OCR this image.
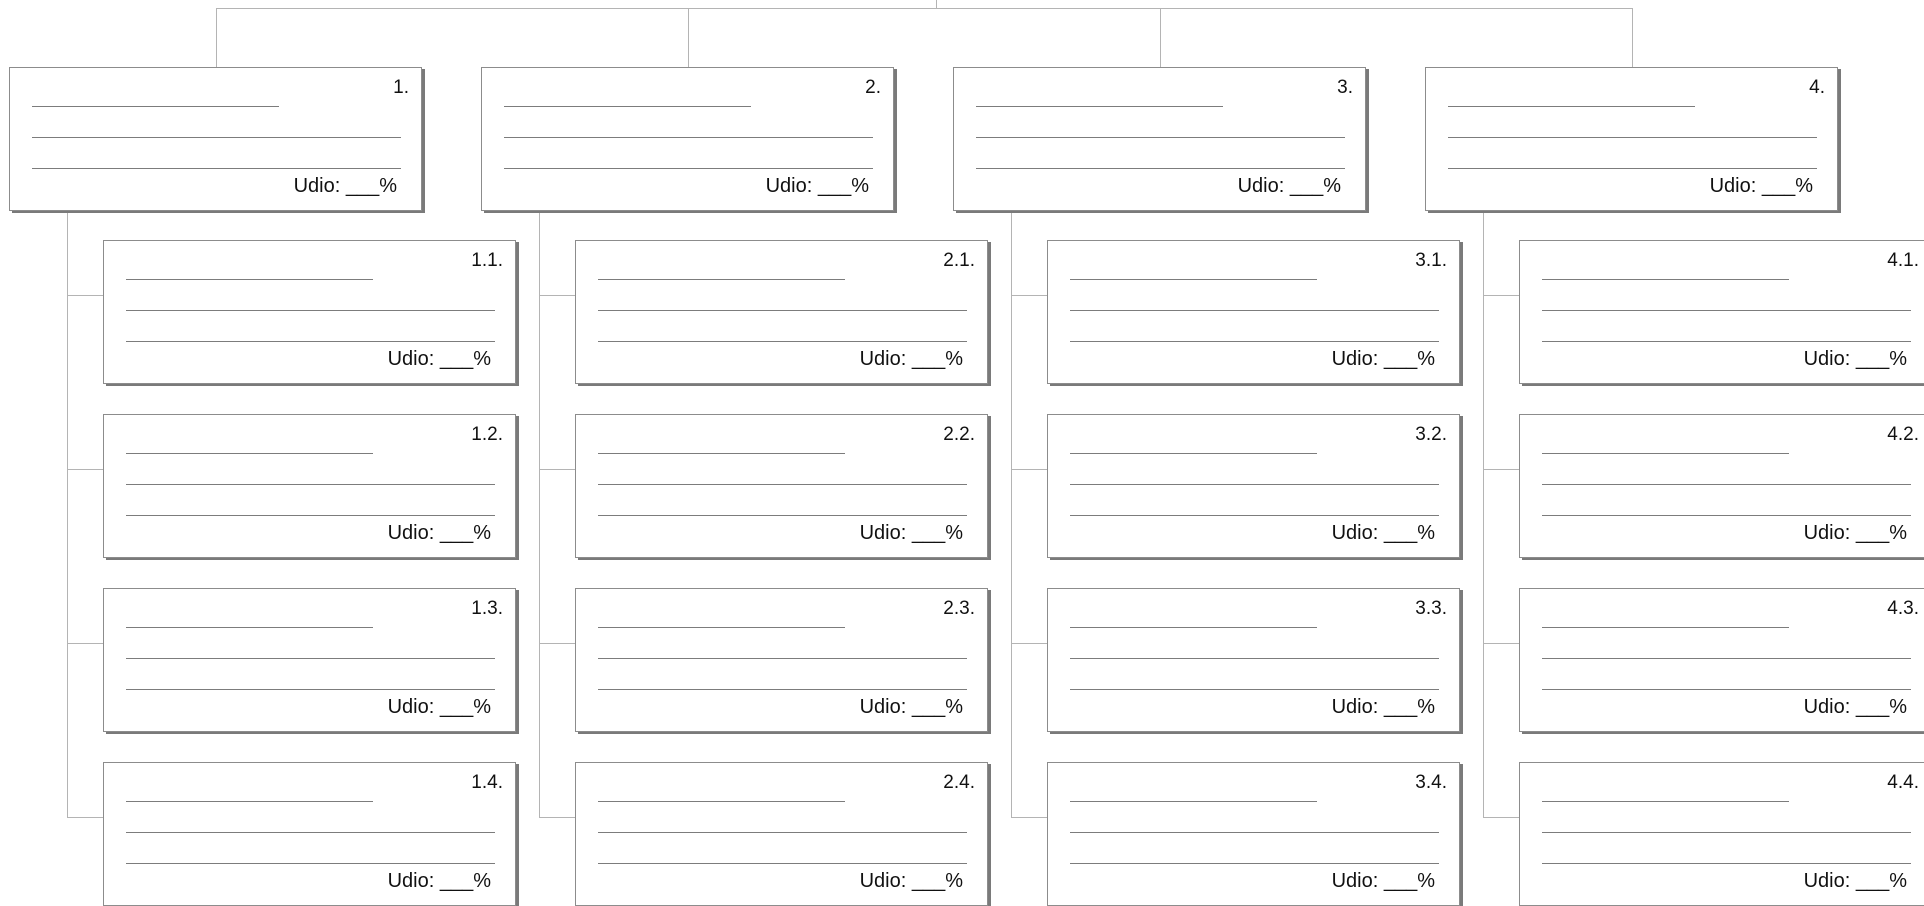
1.
Udio: ___%
2.
Udio: ___%
3.
Udio: ___%
4.
Udio: ___%
1.1.
Udio: ___%
1.2.
Udio: ___%
1.3.
Udio: ___%
1.4.
Udio: ___%
2.1.
Udio: ___%
2.2.
Udio: ___%
2.3.
Udio: ___%
2.4.
Udio: ___%
3.1.
Udio: ___%
3.2.
Udio: ___%
3.3.
Udio: ___%
3.4.
Udio: ___%
4.1.
Udio: ___%
4.2.
Udio: ___%
4.3.
Udio: ___%
4.4.
Udio: ___%
